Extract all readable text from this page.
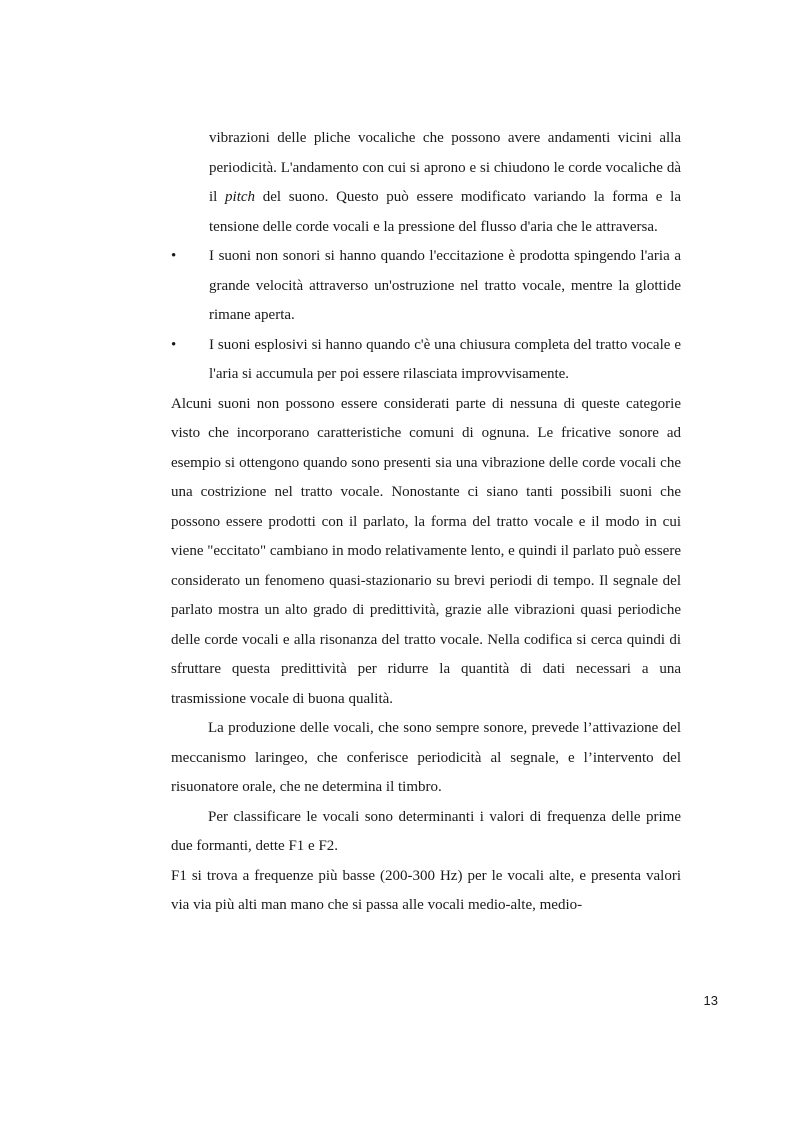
vibrazioni delle pliche vocaliche che possono avere andamenti vicini alla periodicità. L'andamento con cui si aprono e si chiudono le corde vocaliche dà il pitch del suono. Questo può essere modificato variando la forma e la tensione delle corde vocali e la pressione del flusso d'aria che le attraversa.

•	I suoni non sonori si hanno quando l'eccitazione è prodotta spingendo l'aria a grande velocità attraverso un'ostruzione nel tratto vocale, mentre la glottide rimane aperta.

•	I suoni esplosivi si hanno quando c'è una chiusura completa del tratto vocale e l'aria si accumula per poi essere rilasciata improvvisamente.

Alcuni suoni non possono essere considerati parte di nessuna di queste categorie visto che incorporano caratteristiche comuni di ognuna. Le fricative sonore ad esempio si ottengono quando sono presenti sia una vibrazione delle corde vocali che una costrizione nel tratto vocale. Nonostante ci siano tanti possibili suoni che possono essere prodotti con il parlato, la forma del tratto vocale e il modo in cui viene "eccitato" cambiano in modo relativamente lento, e quindi il parlato può essere considerato un fenomeno quasi-stazionario su brevi periodi di tempo. Il segnale del parlato mostra un alto grado di predittività, grazie alle vibrazioni quasi periodiche delle corde vocali e alla risonanza del tratto vocale. Nella codifica si cerca quindi di sfruttare questa predittività per ridurre la quantità di dati necessari a una trasmissione vocale di buona qualità.

La produzione delle vocali, che sono sempre sonore, prevede l’attivazione del meccanismo laringeo, che conferisce periodicità al segnale, e l’intervento del risuonatore orale, che ne determina il timbro.

Per classificare le vocali sono determinanti i valori di frequenza delle prime due formanti, dette F1 e F2.

F1 si trova a frequenze più basse (200-300 Hz) per le vocali alte, e presenta valori via via più alti man mano che si passa alle vocali medio-alte, medio-

13
